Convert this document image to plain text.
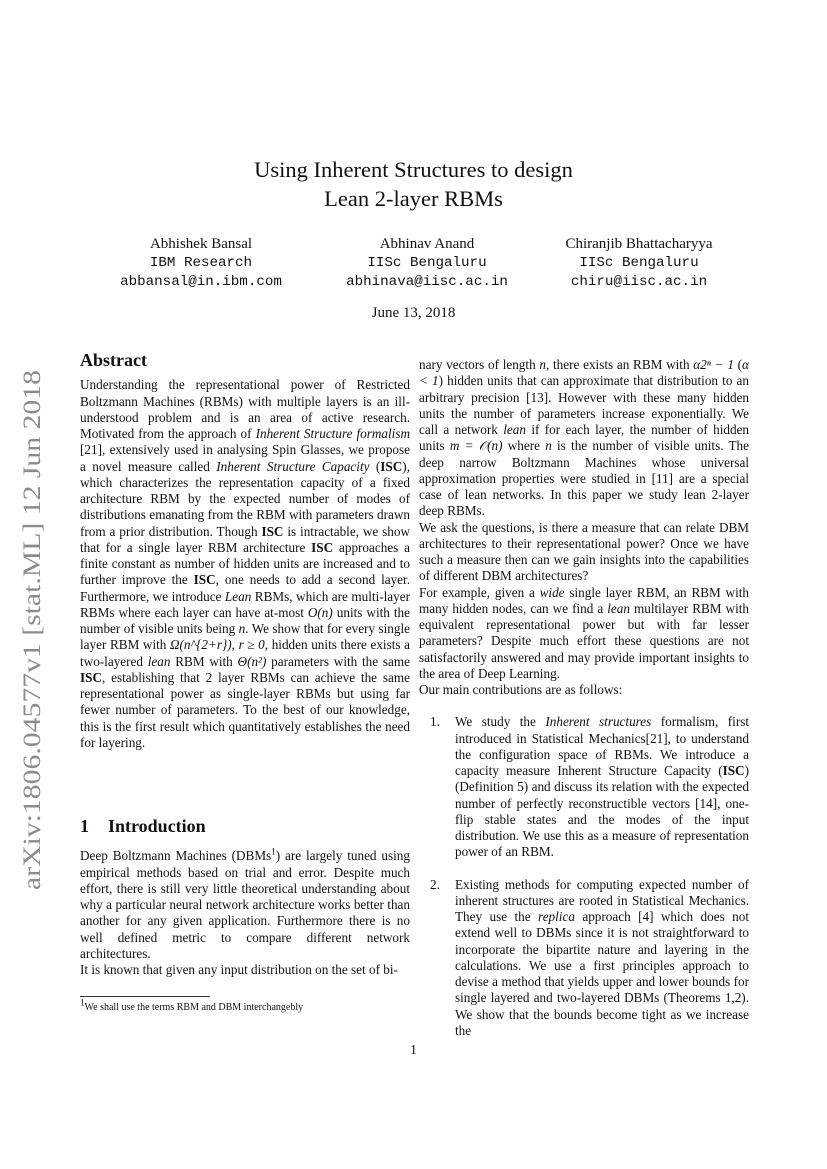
arXiv:1806.04577v1 [stat.ML] 12 Jun 2018
Using Inherent Structures to design
Lean 2-layer RBMs
Abhishek Bansal
IBM Research
abbansal@in.ibm.com
Abhinav Anand
IISc Bengaluru
abhinava@iisc.ac.in
Chiranjib Bhattacharyya
IISc Bengaluru
chiru@iisc.ac.in
June 13, 2018
Abstract

Understanding the representational power of Restricted Boltzmann Machines (RBMs) with multiple layers is an ill-understood problem and is an area of active research. Motivated from the approach of Inherent Structure formalism [21], extensively used in analysing Spin Glasses, we propose a novel measure called Inherent Structure Capacity (ISC), which characterizes the representation capacity of a fixed architecture RBM by the expected number of modes of distributions emanating from the RBM with parameters drawn from a prior distribution. Though ISC is intractable, we show that for a single layer RBM architecture ISC approaches a finite constant as number of hidden units are increased and to further improve the ISC, one needs to add a second layer. Furthermore, we introduce Lean RBMs, which are multi-layer RBMs where each layer can have at-most O(n) units with the number of visible units being n. We show that for every single layer RBM with Ω(n^{2+r}), r ≥ 0, hidden units there exists a two-layered lean RBM with Θ(n²) parameters with the same ISC, establishing that 2 layer RBMs can achieve the same representational power as single-layer RBMs but using far fewer number of parameters. To the best of our knowledge, this is the first result which quantitatively establishes the need for layering.

1 Introduction

Deep Boltzmann Machines (DBMs$^1$) are largely tuned using empirical methods based on trial and error. Despite much effort, there is still very little theoretical understanding about why a particular neural network architecture works better than another for any given application. Furthermore there is no well defined metric to compare different network architectures.

It is known that given any input distribution on the set of bi-

nary vectors of length n, there exists an RBM with α2ⁿ − 1 (α < 1) hidden units that can approximate that distribution to an arbitrary precision [13]. However with these many hidden units the number of parameters increase exponentially. We call a network lean if for each layer, the number of hidden units m = 𝒪(n) where n is the number of visible units. The deep narrow Boltzmann Machines whose universal approximation properties were studied in [11] are a special case of lean networks. In this paper we study lean 2-layer deep RBMs.

We ask the questions, is there a measure that can relate DBM architectures to their representational power? Once we have such a measure then can we gain insights into the capabilities of different DBM architectures?

For example, given a wide single layer RBM, an RBM with many hidden nodes, can we find a lean multilayer RBM with equivalent representational power but with far lesser parameters? Despite much effort these questions are not satisfactorily answered and may provide important insights to the area of Deep Learning.

Our main contributions are as follows:

1. We study the Inherent structures formalism, first introduced in Statistical Mechanics[21], to understand the configuration space of RBMs. We introduce a capacity measure Inherent Structure Capacity (ISC) (Definition 5) and discuss its relation with the expected number of perfectly reconstructible vectors [14], one-flip stable states and the modes of the input distribution. We use this as a measure of representation power of an RBM.
2. Existing methods for computing expected number of inherent structures are rooted in Statistical Mechanics. They use the replica approach [4] which does not extend well to DBMs since it is not straightforward to incorporate the bipartite nature and layering in the calculations. We use a first principles approach to devise a method that yields upper and lower bounds for single layered and two-layered DBMs (Theorems 1,2). We show that the bounds become tight as we increase the
$^1$We shall use the terms RBM and DBM interchangebly
1
